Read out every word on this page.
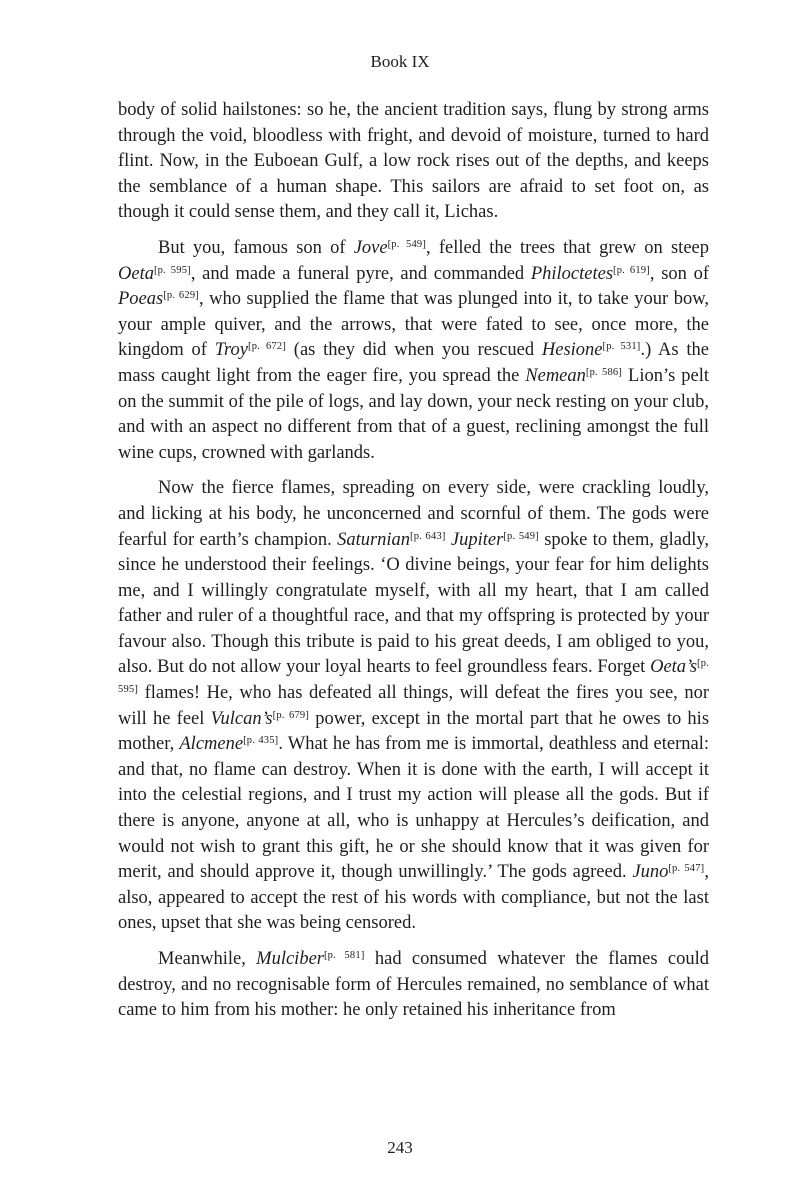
Book IX

body of solid hailstones: so he, the ancient tradition says, flung by strong arms through the void, bloodless with fright, and devoid of moisture, turned to hard flint. Now, in the Euboean Gulf, a low rock rises out of the depths, and keeps the semblance of a human shape. This sailors are afraid to set foot on, as though it could sense them, and they call it, Lichas.

But you, famous son of Jove[p. 549], felled the trees that grew on steep Oeta[p. 595], and made a funeral pyre, and commanded Philoctetes[p. 619], son of Poeas[p. 629], who supplied the flame that was plunged into it, to take your bow, your ample quiver, and the arrows, that were fated to see, once more, the kingdom of Troy[p. 672] (as they did when you rescued Hesione[p. 531].) As the mass caught light from the eager fire, you spread the Nemean[p. 586] Lion’s pelt on the summit of the pile of logs, and lay down, your neck resting on your club, and with an aspect no different from that of a guest, reclining amongst the full wine cups, crowned with garlands.

Now the fierce flames, spreading on every side, were crackling loudly, and licking at his body, he unconcerned and scornful of them. The gods were fearful for earth’s champion. Saturnian[p. 643] Jupiter[p. 549] spoke to them, gladly, since he understood their feelings. ‘O divine beings, your fear for him delights me, and I willingly congratulate myself, with all my heart, that I am called father and ruler of a thoughtful race, and that my offspring is protected by your favour also. Though this tribute is paid to his great deeds, I am obliged to you, also. But do not allow your loyal hearts to feel groundless fears. Forget Oeta’s[p. 595] flames! He, who has defeated all things, will defeat the fires you see, nor will he feel Vulcan’s[p. 679] power, except in the mortal part that he owes to his mother, Alcmene[p. 435]. What he has from me is immortal, deathless and eternal: and that, no flame can destroy. When it is done with the earth, I will accept it into the celestial regions, and I trust my action will please all the gods. But if there is anyone, anyone at all, who is unhappy at Hercules’s deification, and would not wish to grant this gift, he or she should know that it was given for merit, and should approve it, though unwillingly.’ The gods agreed. Juno[p. 547], also, appeared to accept the rest of his words with compliance, but not the last ones, upset that she was being censored.

Meanwhile, Mulciber[p. 581] had consumed whatever the flames could destroy, and no recognisable form of Hercules remained, no semblance of what came to him from his mother: he only retained his inheritance from

243
